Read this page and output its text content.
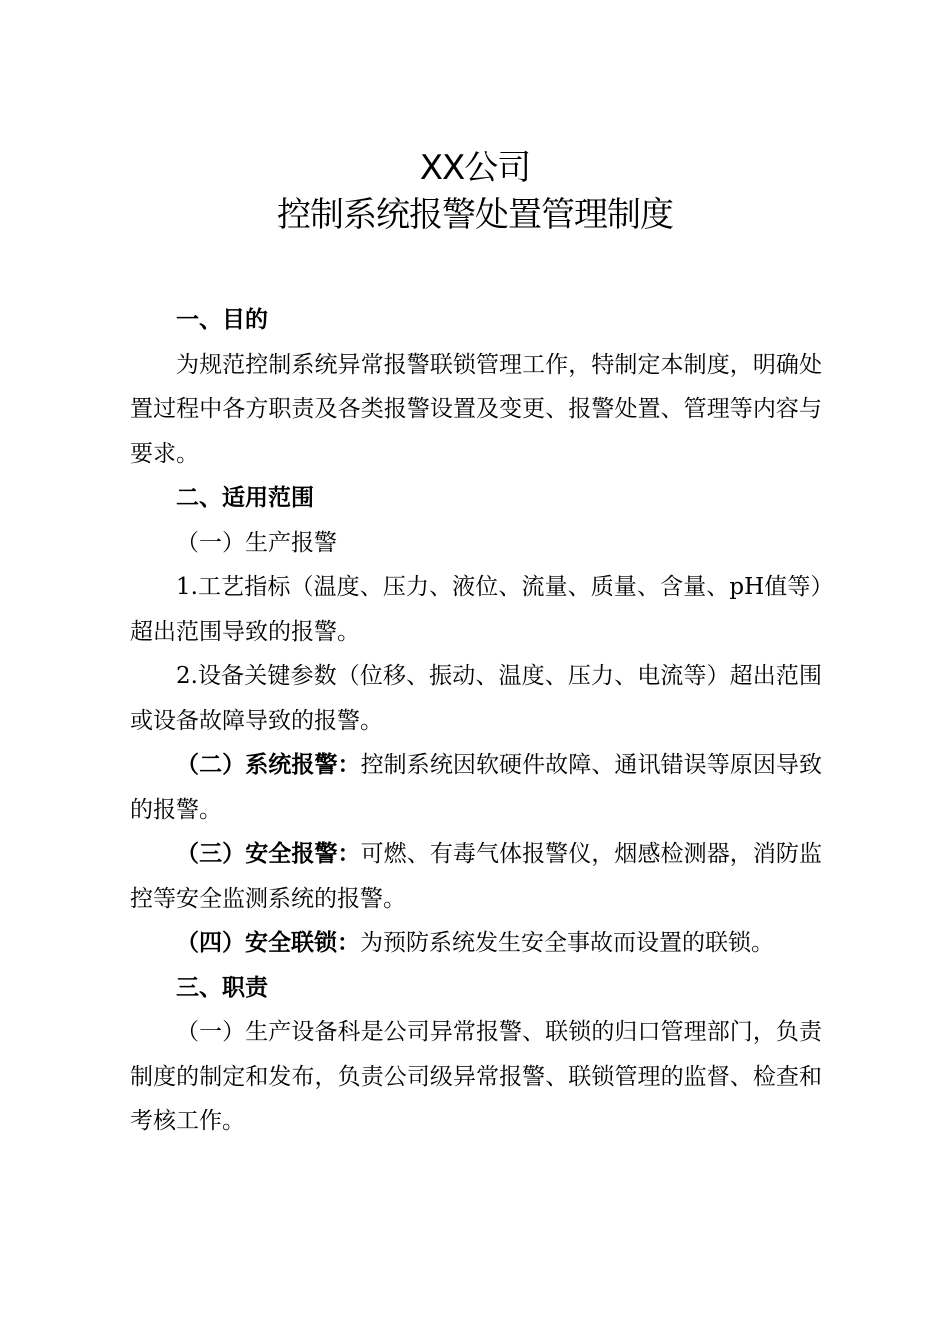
XX公司
控制系统报警处置管理制度

一、目的

为规范控制系统异常报警联锁管理工作，特制定本制度，明确处置过程中各方职责及各类报警设置及变更、报警处置、管理等内容与要求。

二、适用范围

（一）生产报警

1.工艺指标（温度、压力、液位、流量、质量、含量、pH值等）超出范围导致的报警。

2.设备关键参数（位移、振动、温度、压力、电流等）超出范围或设备故障导致的报警。

（二）系统报警：控制系统因软硬件故障、通讯错误等原因导致的报警。

（三）安全报警：可燃、有毒气体报警仪，烟感检测器，消防监控等安全监测系统的报警。

（四）安全联锁：为预防系统发生安全事故而设置的联锁。

三、职责

（一）生产设备科是公司异常报警、联锁的归口管理部门，负责制度的制定和发布，负责公司级异常报警、联锁管理的监督、检查和考核工作。
